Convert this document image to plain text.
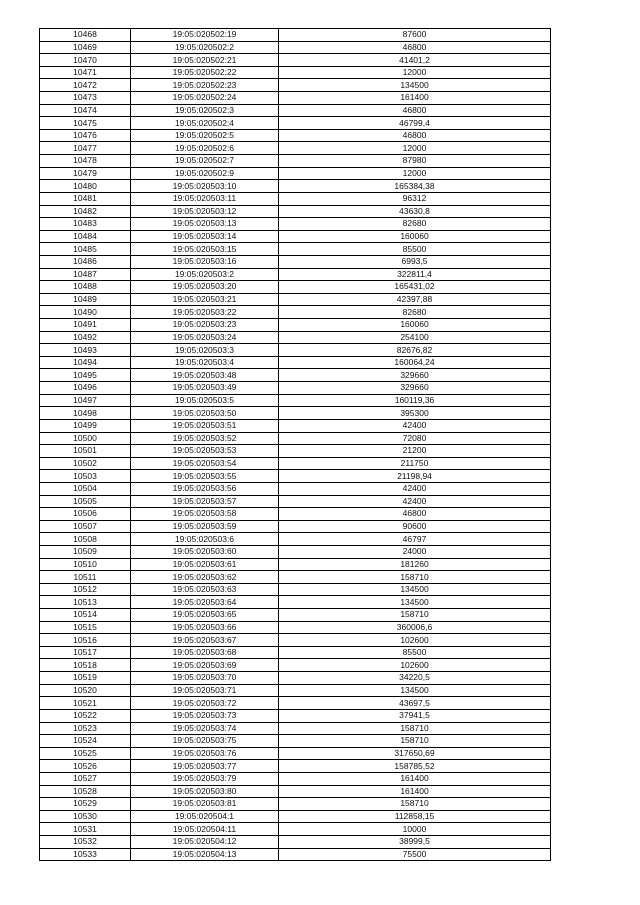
10468	19:05:020502:19	87600
10469	19:05:020502:2	46800
10470	19:05:020502:21	41401,2
10471	19:05:020502:22	12000
10472	19:05:020502:23	134500
10473	19:05:020502:24	161400
10474	19:05:020502:3	46800
10475	19:05:020502:4	46799,4
10476	19:05:020502:5	46800
10477	19:05:020502:6	12000
10478	19:05:020502:7	87980
10479	19:05:020502:9	12000
10480	19:05:020503:10	165384,38
10481	19:05:020503:11	96312
10482	19:05:020503:12	43630,8
10483	19:05:020503:13	82680
10484	19:05:020503:14	160060
10485	19:05:020503:15	85500
10486	19:05:020503:16	6993,5
10487	19:05:020503:2	322811,4
10488	19:05:020503:20	165431,02
10489	19:05:020503:21	42397,88
10490	19:05:020503:22	82680
10491	19:05:020503:23	160060
10492	19:05:020503:24	254100
10493	19:05:020503:3	82676,82
10494	19:05:020503:4	160064,24
10495	19:05:020503:48	329660
10496	19:05:020503:49	329660
10497	19:05:020503:5	160119,36
10498	19:05:020503:50	395300
10499	19:05:020503:51	42400
10500	19:05:020503:52	72080
10501	19:05:020503:53	21200
10502	19:05:020503:54	211750
10503	19:05:020503:55	21198,94
10504	19:05:020503:56	42400
10505	19:05:020503:57	42400
10506	19:05:020503:58	46800
10507	19:05:020503:59	90600
10508	19:05:020503:6	46797
10509	19:05:020503:60	24000
10510	19:05:020503:61	181260
10511	19:05:020503:62	158710
10512	19:05:020503:63	134500
10513	19:05:020503:64	134500
10514	19:05:020503:65	158710
10515	19:05:020503:66	360006,6
10516	19:05:020503:67	102600
10517	19:05:020503:68	85500
10518	19:05:020503:69	102600
10519	19:05:020503:70	34220,5
10520	19:05:020503:71	134500
10521	19:05:020503:72	43697,5
10522	19:05:020503:73	37941,5
10523	19:05:020503:74	158710
10524	19:05:020503:75	158710
10525	19:05:020503:76	317650,69
10526	19:05:020503:77	158785,52
10527	19:05:020503:79	161400
10528	19:05:020503:80	161400
10529	19:05:020503:81	158710
10530	19:05:020504:1	112858,15
10531	19:05:020504:11	10000
10532	19:05:020504:12	38999,5
10533	19:05:020504:13	75500
